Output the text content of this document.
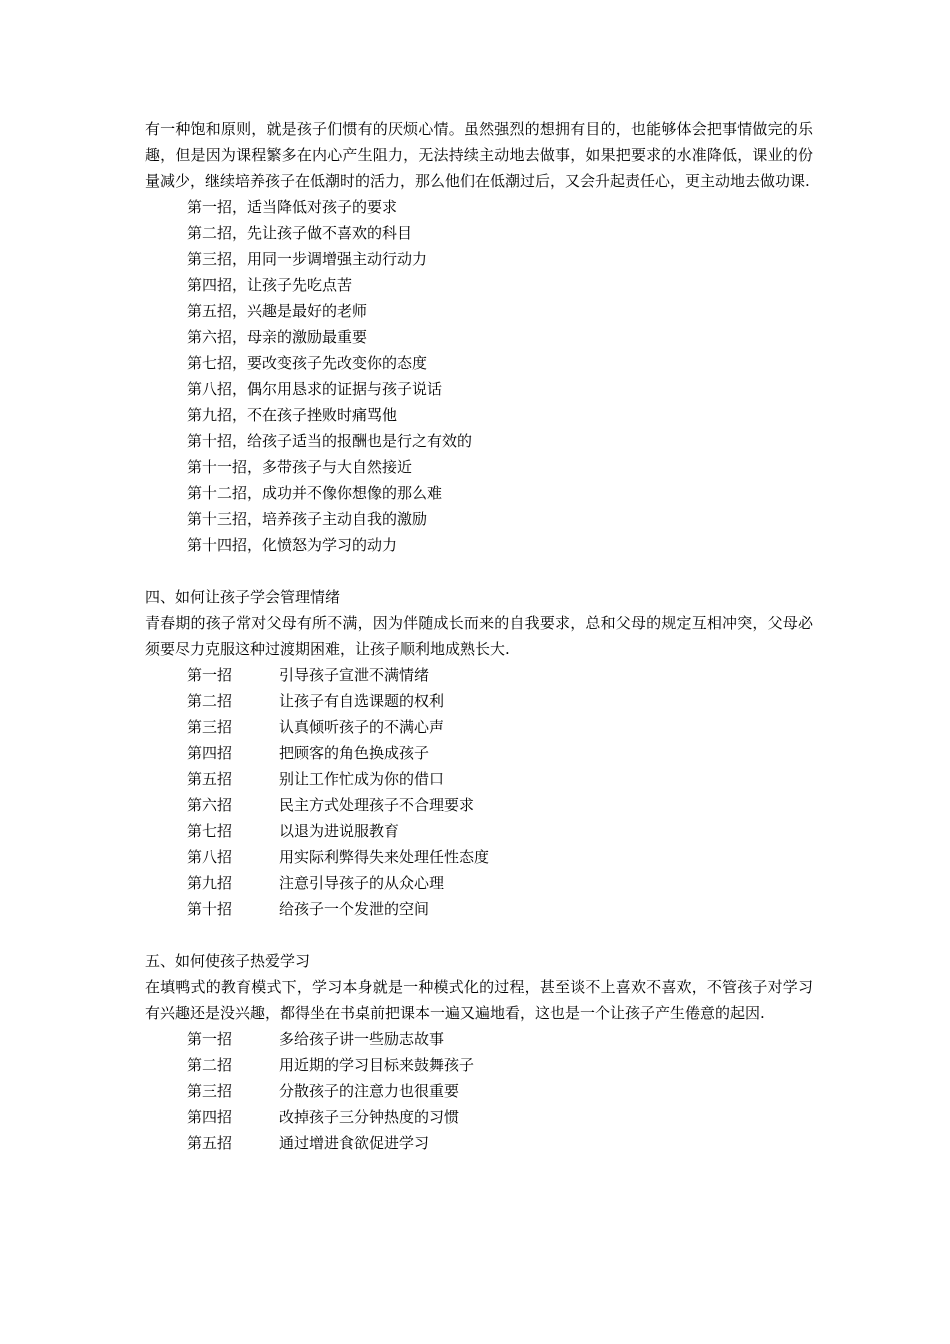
有一种饱和原则，就是孩子们惯有的厌烦心情。虽然强烈的想拥有目的，也能够体会把事情做完的乐趣，但是因为课程繁多在内心产生阻力，无法持续主动地去做事，如果把要求的水准降低，课业的份量减少，继续培养孩子在低潮时的活力，那么他们在低潮过后，又会升起责任心，更主动地去做功课.

第一招，适当降低对孩子的要求
第二招，先让孩子做不喜欢的科目
第三招，用同一步调增强主动行动力
第四招，让孩子先吃点苦
第五招，兴趣是最好的老师
第六招，母亲的激励最重要
第七招，要改变孩子先改变你的态度
第八招，偶尔用恳求的证据与孩子说话
第九招，不在孩子挫败时痛骂他
第十招，给孩子适当的报酬也是行之有效的
第十一招，多带孩子与大自然接近
第十二招，成功并不像你想像的那么难
第十三招，培养孩子主动自我的激励
第十四招，化愤怒为学习的动力

四、如何让孩子学会管理情绪

青春期的孩子常对父母有所不满，因为伴随成长而来的自我要求，总和父母的规定互相冲突，父母必须要尽力克服这种过渡期困难，让孩子顺利地成熟长大.

第一招	引导孩子宣泄不满情绪
第二招	让孩子有自选课题的权利
第三招	认真倾听孩子的不满心声
第四招	把顾客的角色换成孩子
第五招	别让工作忙成为你的借口
第六招	民主方式处理孩子不合理要求
第七招	以退为进说服教育
第八招	用实际利弊得失来处理任性态度
第九招	注意引导孩子的从众心理
第十招	给孩子一个发泄的空间

五、如何使孩子热爱学习

在填鸭式的教育模式下，学习本身就是一种模式化的过程，甚至谈不上喜欢不喜欢，不管孩子对学习有兴趣还是没兴趣，都得坐在书桌前把课本一遍又遍地看，这也是一个让孩子产生倦意的起因.

第一招	多给孩子讲一些励志故事
第二招	用近期的学习目标来鼓舞孩子
第三招	分散孩子的注意力也很重要
第四招	改掉孩子三分钟热度的习惯
第五招	通过增进食欲促进学习
